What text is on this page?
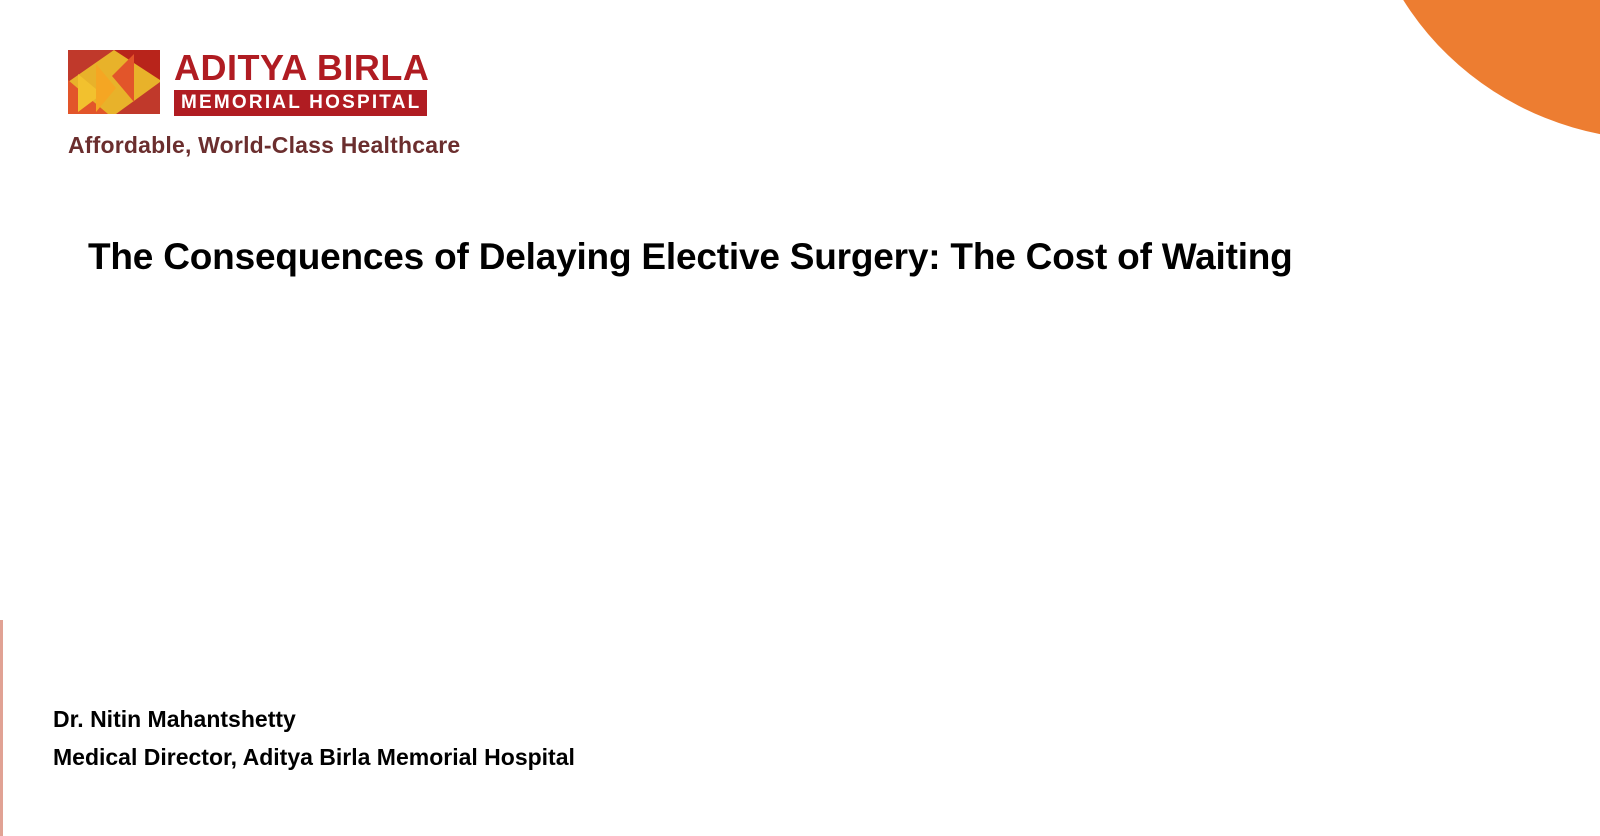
ADITYA BIRLA
MEMORIAL HOSPITAL
Affordable, World-Class Healthcare
The Consequences of Delaying Elective Surgery: The Cost of Waiting
Dr. Nitin Mahantshetty
Medical Director, Aditya Birla Memorial Hospital
